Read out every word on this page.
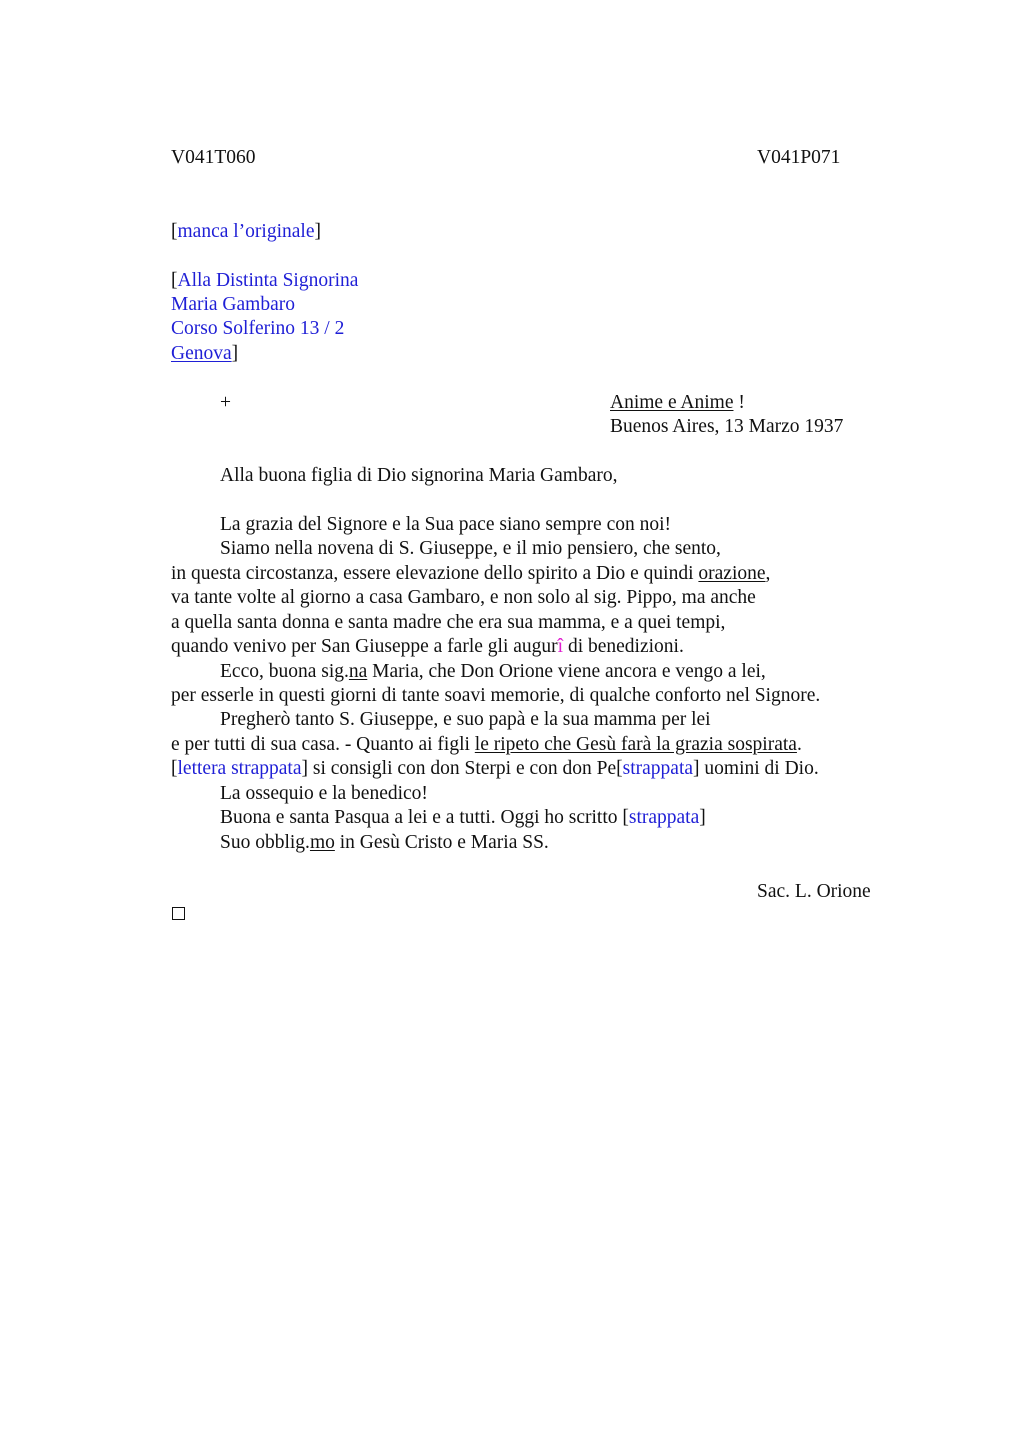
V041T060	V041P071
[manca l’originale]
[Alla Distinta Signorina
Maria Gambaro
Corso Solferino 13 / 2
Genova]
+	Anime e Anime !
Buenos Aires, 13 Marzo 1937
Alla buona figlia di Dio signorina Maria Gambaro,
La grazia del Signore e la Sua pace siano sempre con noi!
Siamo nella novena di S. Giuseppe, e il mio pensiero, che sento,
in questa circostanza, essere elevazione dello spirito a Dio e quindi orazione,
va tante volte al giorno a casa Gambaro, e non solo al sig. Pippo, ma anche
a quella santa donna e santa madre che era sua mamma, e a quei tempi,
quando venivo per San Giuseppe a farle gli augurî di benedizioni.
Ecco, buona sig.na Maria, che Don Orione viene ancora e vengo a lei,
per esserle in questi giorni di tante soavi memorie, di qualche conforto nel Signore.
Pregherò tanto S. Giuseppe, e suo papà e la sua mamma per lei
e per tutti di sua casa. - Quanto ai figli le ripeto che Gesù farà la grazia sospirata.
[lettera strappata] si consigli con don Sterpi e con don Pe[strappata] uomini di Dio.
La ossequio e la benedico!
Buona e santa Pasqua a lei e a tutti. Oggi ho scritto [strappata]
Suo obblig.mo in Gesù Cristo e Maria SS.
Sac. L. Orione
